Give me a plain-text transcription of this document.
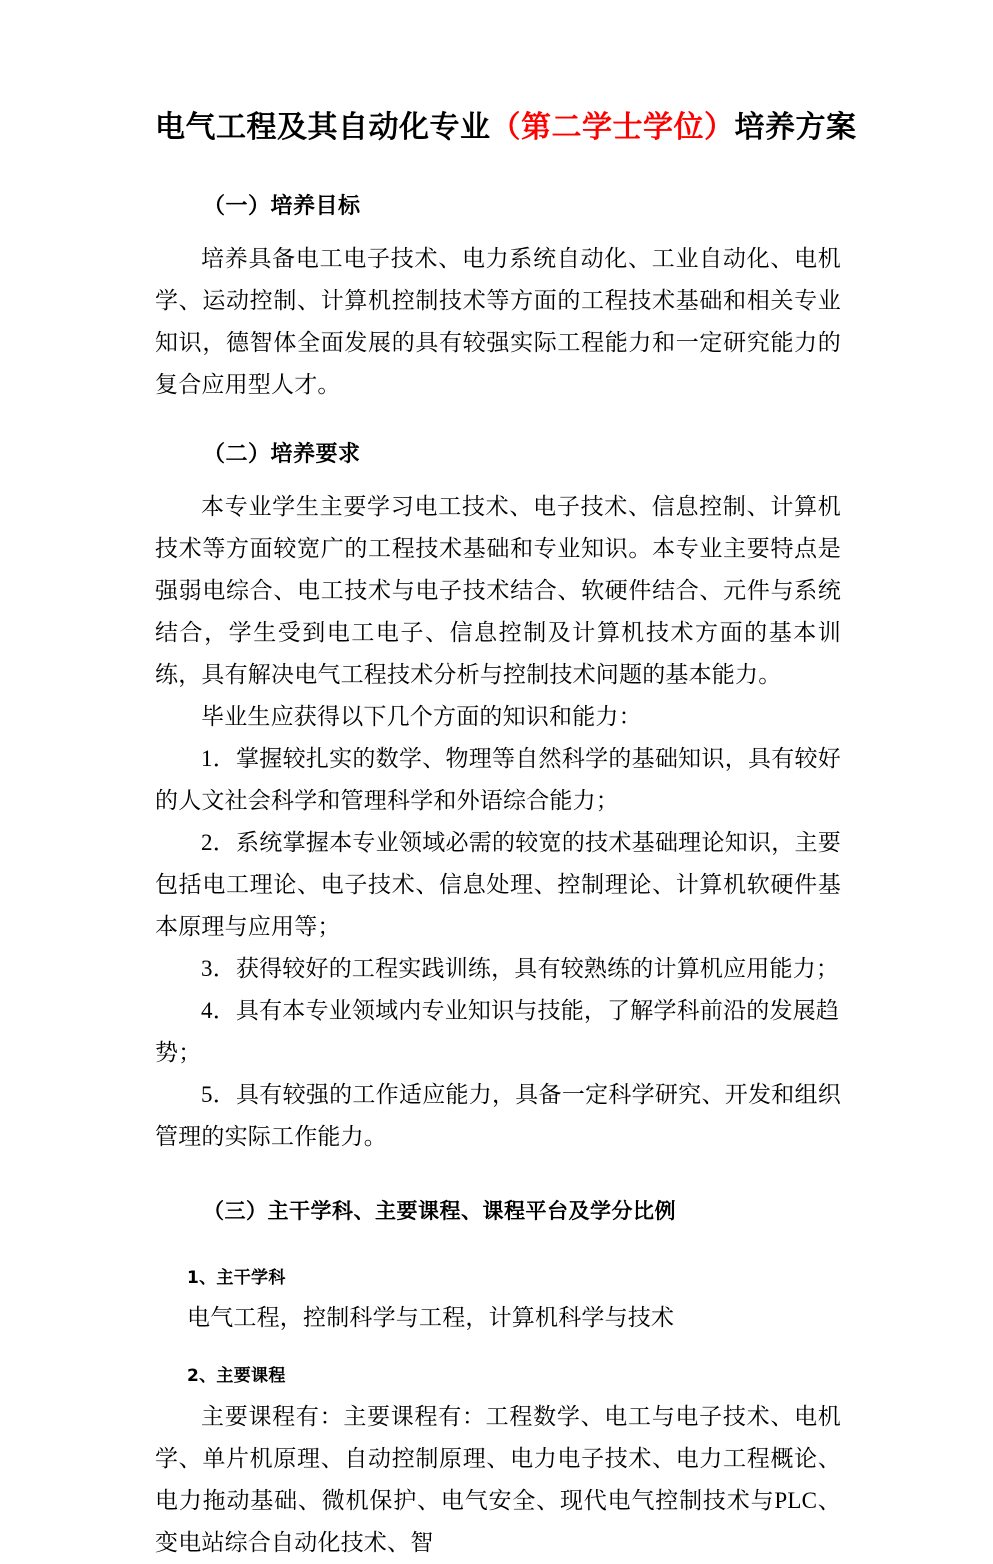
电气工程及其自动化专业（第二学士学位）培养方案
（一）培养目标

培养具备电工电子技术、电力系统自动化、工业自动化、电机学、运动控制、计算机控制技术等方面的工程技术基础和相关专业知识，德智体全面发展的具有较强实际工程能力和一定研究能力的复合应用型人才。

（二）培养要求

本专业学生主要学习电工技术、电子技术、信息控制、计算机技术等方面较宽广的工程技术基础和专业知识。本专业主要特点是强弱电综合、电工技术与电子技术结合、软硬件结合、元件与系统结合，学生受到电工电子、信息控制及计算机技术方面的基本训练，具有解决电气工程技术分析与控制技术问题的基本能力。

毕业生应获得以下几个方面的知识和能力：

1．掌握较扎实的数学、物理等自然科学的基础知识，具有较好的人文社会科学和管理科学和外语综合能力；

2．系统掌握本专业领域必需的较宽的技术基础理论知识，主要包括电工理论、电子技术、信息处理、控制理论、计算机软硬件基本原理与应用等；

3．获得较好的工程实践训练，具有较熟练的计算机应用能力；

4．具有本专业领域内专业知识与技能，了解学科前沿的发展趋势；

5．具有较强的工作适应能力，具备一定科学研究、开发和组织管理的实际工作能力。

（三）主干学科、主要课程、课程平台及学分比例
1、主干学科

电气工程，控制科学与工程，计算机科学与技术

2、主要课程

主要课程有：主要课程有：工程数学、电工与电子技术、电机学、单片机原理、自动控制原理、电力电子技术、电力工程概论、电力拖动基础、微机保护、电气安全、现代电气控制技术与PLC、变电站综合自动化技术、智
